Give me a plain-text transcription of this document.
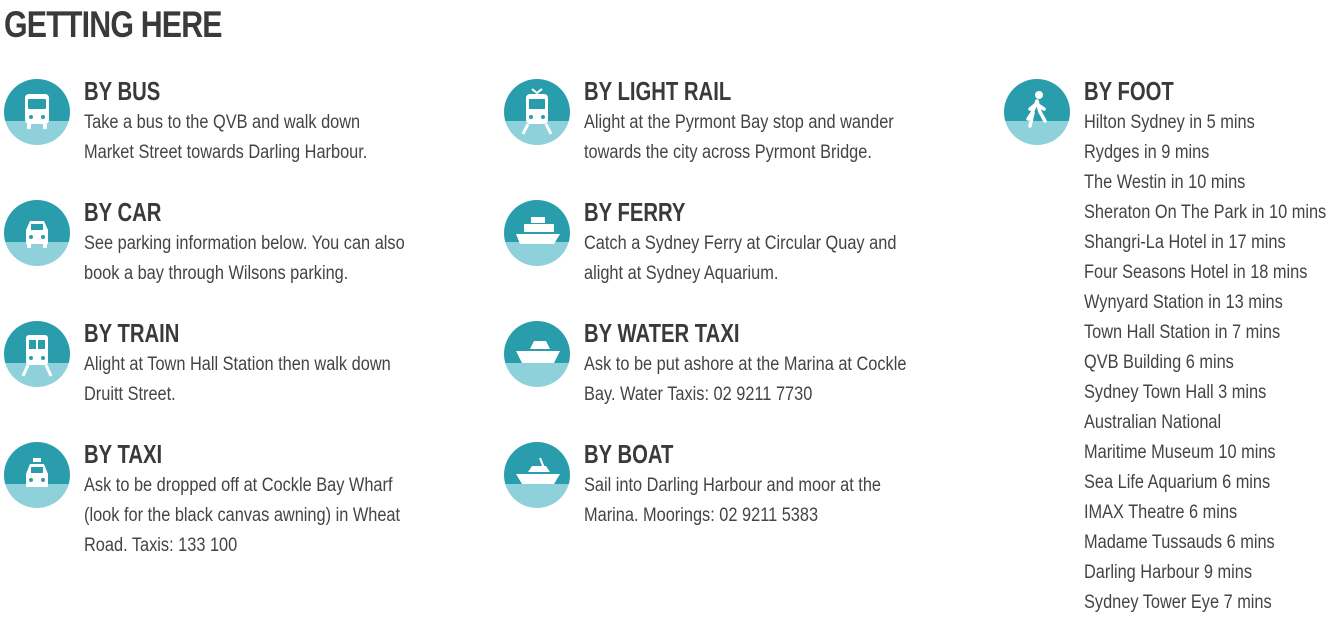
GETTING HERE
BY BUS
Take a bus to the QVB and walk down
Market Street towards Darling Harbour.
BY CAR
See parking information below. You can also
book a bay through Wilsons parking.
BY TRAIN
Alight at Town Hall Station then walk down
Druitt Street.
BY TAXI
Ask to be dropped off at Cockle Bay Wharf
(look for the black canvas awning) in Wheat
Road. Taxis: 133 100
BY LIGHT RAIL
Alight at the Pyrmont Bay stop and wander
towards the city across Pyrmont Bridge.
BY FERRY
Catch a Sydney Ferry at Circular Quay and
alight at Sydney Aquarium.
BY WATER TAXI
Ask to be put ashore at the Marina at Cockle
Bay. Water Taxis: 02 9211 7730
BY BOAT
Sail into Darling Harbour and moor at the
Marina. Moorings: 02 9211 5383
BY FOOT
Hilton Sydney in 5 mins
Rydges in 9 mins
The Westin in 10 mins
Sheraton On The Park in 10 mins
Shangri-La Hotel in 17 mins
Four Seasons Hotel in 18 mins
Wynyard Station in 13 mins
Town Hall Station in 7 mins
QVB Building 6 mins
Sydney Town Hall 3 mins
Australian National
Maritime Museum 10 mins
Sea Life Aquarium 6 mins
IMAX Theatre 6 mins
Madame Tussauds 6 mins
Darling Harbour 9 mins
Sydney Tower Eye 7 mins
